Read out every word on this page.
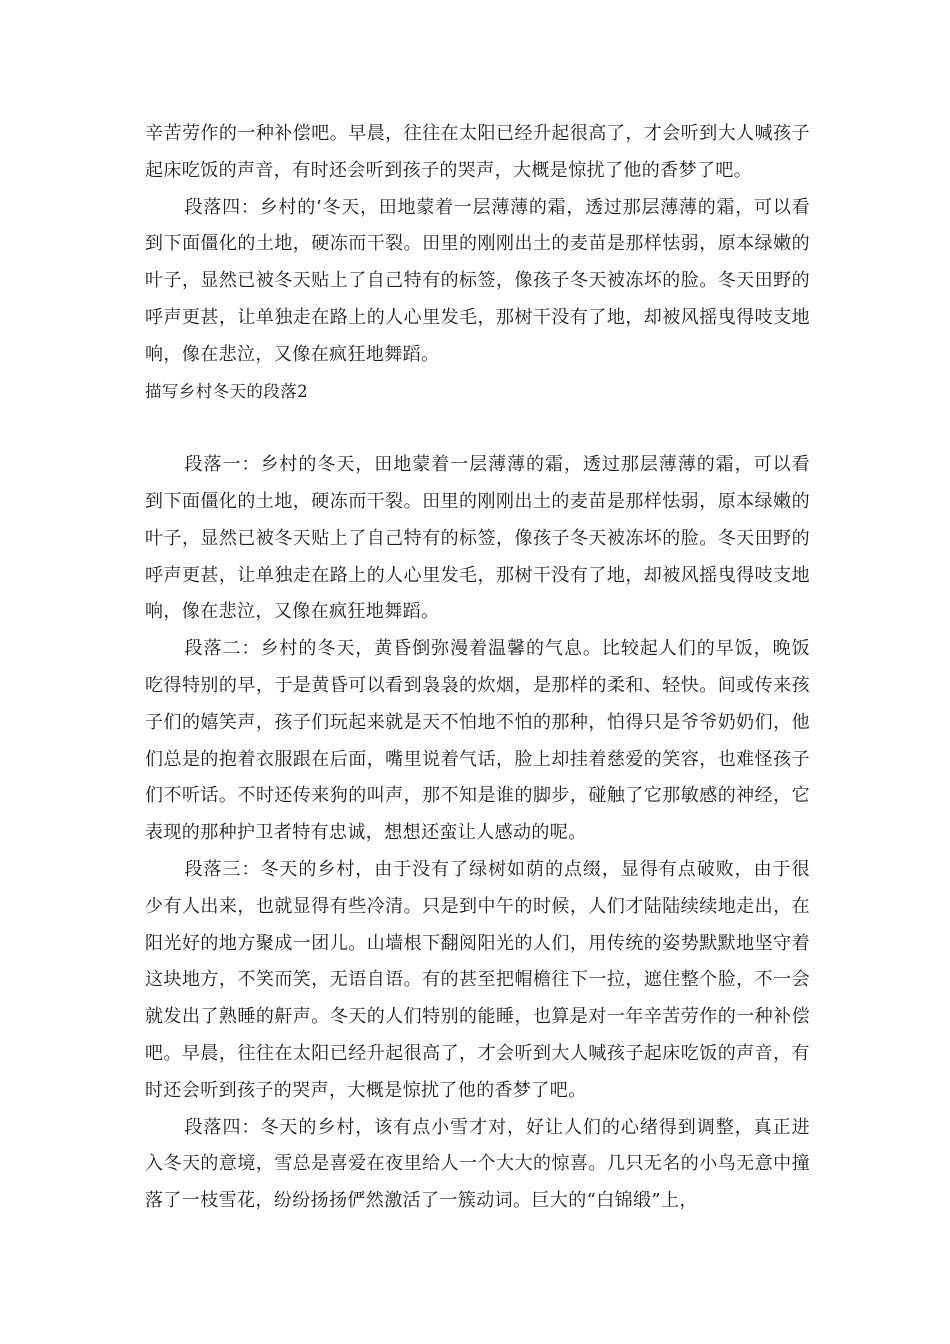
辛苦劳作的一种补偿吧。早晨，往往在太阳已经升起很高了，才会听到大人喊孩子起床吃饭的声音，有时还会听到孩子的哭声，大概是惊扰了他的香梦了吧。

段落四：乡村的’冬天，田地蒙着一层薄薄的霜，透过那层薄薄的霜，可以看到下面僵化的土地，硬冻而干裂。田里的刚刚出土的麦苗是那样怯弱，原本绿嫩的叶子，显然已被冬天贴上了自己特有的标签，像孩子冬天被冻坏的脸。冬天田野的呼声更甚，让单独走在路上的人心里发毛，那树干没有了地，却被风摇曳得吱支地响，像在悲泣，又像在疯狂地舞蹈。

描写乡村冬天的段落2

段落一：乡村的冬天，田地蒙着一层薄薄的霜，透过那层薄薄的霜，可以看到下面僵化的土地，硬冻而干裂。田里的刚刚出土的麦苗是那样怯弱，原本绿嫩的叶子，显然已被冬天贴上了自己特有的标签，像孩子冬天被冻坏的脸。冬天田野的呼声更甚，让单独走在路上的人心里发毛，那树干没有了地，却被风摇曳得吱支地响，像在悲泣，又像在疯狂地舞蹈。

段落二：乡村的冬天，黄昏倒弥漫着温馨的气息。比较起人们的早饭，晚饭吃得特别的早，于是黄昏可以看到袅袅的炊烟，是那样的柔和、轻快。间或传来孩子们的嬉笑声，孩子们玩起来就是天不怕地不怕的那种，怕得只是爷爷奶奶们，他们总是的抱着衣服跟在后面，嘴里说着气话，脸上却挂着慈爱的笑容，也难怪孩子们不听话。不时还传来狗的叫声，那不知是谁的脚步，碰触了它那敏感的神经，它表现的那种护卫者特有忠诚，想想还蛮让人感动的呢。

段落三：冬天的乡村，由于没有了绿树如荫的点缀，显得有点破败，由于很少有人出来，也就显得有些冷清。只是到中午的时候，人们才陆陆续续地走出，在阳光好的地方聚成一团儿。山墙根下翻阅阳光的人们，用传统的姿势默默地坚守着这块地方，不笑而笑，无语自语。有的甚至把帽檐往下一拉，遮住整个脸，不一会就发出了熟睡的鼾声。冬天的人们特别的能睡，也算是对一年辛苦劳作的一种补偿吧。早晨，往往在太阳已经升起很高了，才会听到大人喊孩子起床吃饭的声音，有时还会听到孩子的哭声，大概是惊扰了他的香梦了吧。

段落四：冬天的乡村，该有点小雪才对，好让人们的心绪得到调整，真正进入冬天的意境，雪总是喜爱在夜里给人一个大大的惊喜。几只无名的小鸟无意中撞落了一枝雪花，纷纷扬扬俨然激活了一簇动词。巨大的“白锦缎”上，
